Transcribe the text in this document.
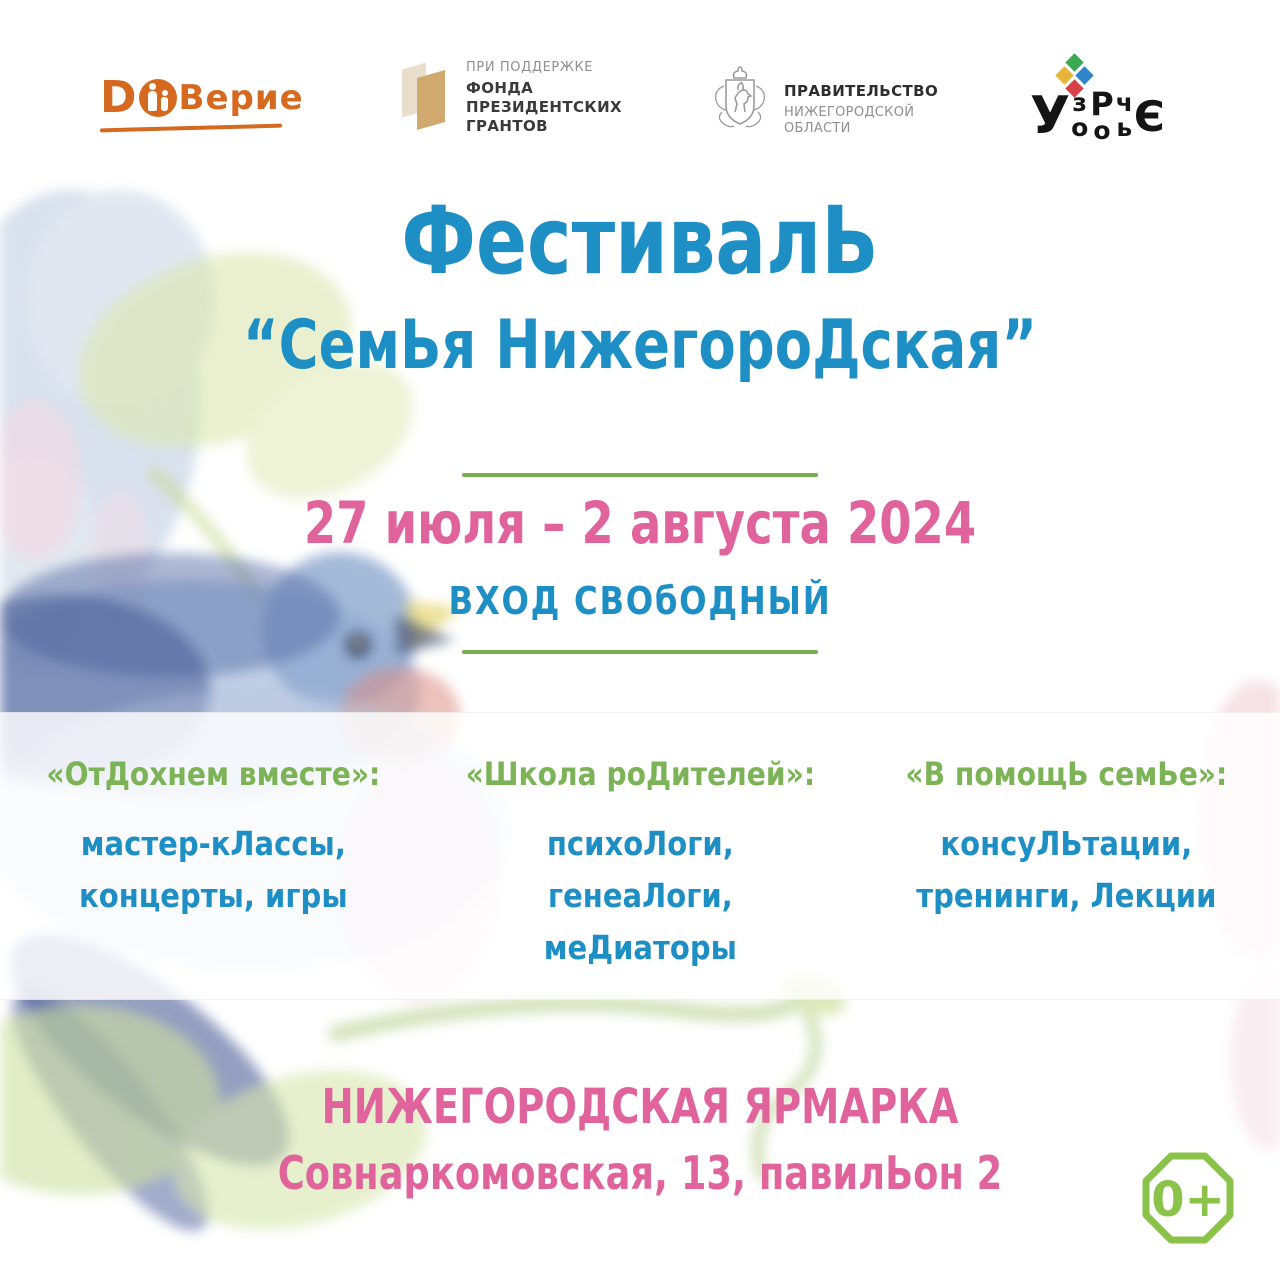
D Верие
ПРИ ПОДДЕРЖКЕ
ФОНДА
ПРЕЗИДЕНТСКИХ
ГРАНТОВ
ПРАВИТЕЛЬСТВО
НИЖЕГОРОДСКОЙ
ОБЛАСТИ	У з
о
Р
о
ч
ь Є
ФестивалЬ
“СемЬя НижегороДская”
27 июля – 2 августа 2024
ВХОД СВОбОДНЫЙ
«ОтДохнем вместе»:
мастер-кЛассы,
концерты, игры
«Школа роДителей»:
психоЛоги, генеаЛоги,
меДиаторы
«В помощЬ семЬе»:
консуЛЬтации,
тренинги, Лекции
НИЖЕГОРОДСКАЯ ЯРМАРКА
Совнаркомовская, 13, павилЬон 2	0+
